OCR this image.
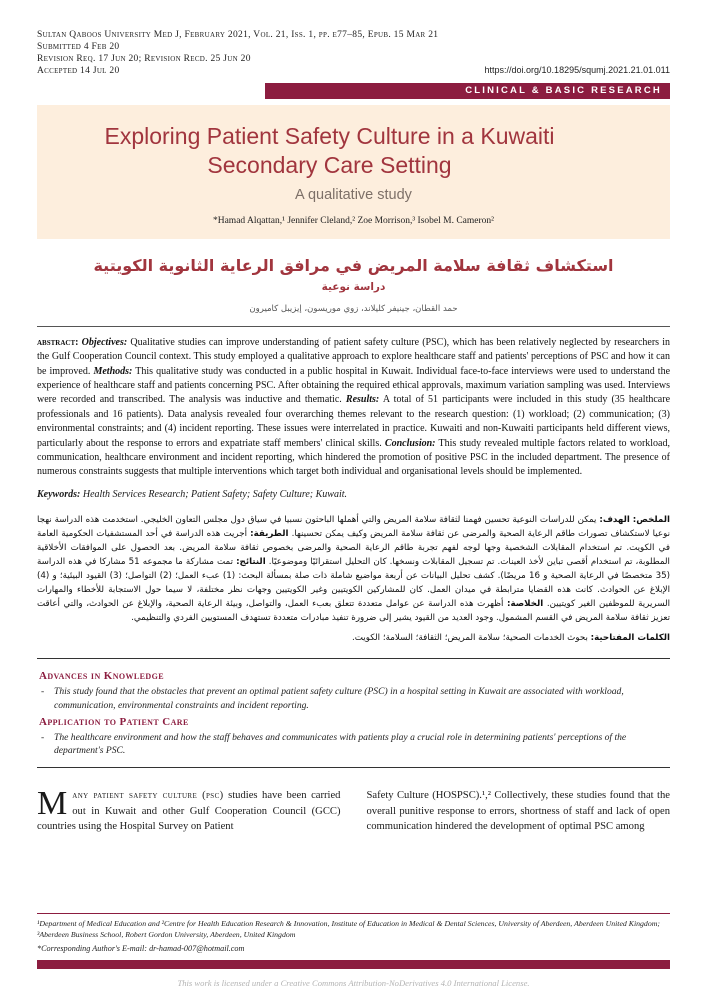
Sultan Qaboos University Med J, February 2021, Vol. 21, Iss. 1, pp. e77–85, Epub. 15 Mar 21
Submitted 4 Feb 20
Revision Req. 17 Jun 20; Revision Recd. 25 Jun 20
Accepted 14 Jul 20	https://doi.org/10.18295/squmj.2021.21.01.011
CLINICAL & BASIC RESEARCH
Exploring Patient Safety Culture in a Kuwaiti Secondary Care Setting
A qualitative study
*Hamad Alqattan,¹ Jennifer Cleland,² Zoe Morrison,³ Isobel M. Cameron²
استكشاف ثقافة سلامة المريض في مرافق الرعاية الثانوية الكويتية
دراسة نوعية
حمد القطان، جينيفر كليلاند، زوي موريسون، إيزيبل كاميرون

abstract: Objectives: Qualitative studies can improve understanding of patient safety culture (PSC), which has been relatively neglected by researchers in the Gulf Cooperation Council context. This study employed a qualitative approach to explore healthcare staff and patients' perceptions of PSC and how it can be improved. Methods: This qualitative study was conducted in a public hospital in Kuwait. Individual face-to-face interviews were used to understand the experience of healthcare staff and patients concerning PSC. After obtaining the required ethical approvals, maximum variation sampling was used. Interviews were recorded and transcribed. The analysis was inductive and thematic. Results: A total of 51 participants were included in this study (35 healthcare professionals and 16 patients). Data analysis revealed four overarching themes relevant to the research question: (1) workload; (2) communication; (3) environmental constraints; and (4) incident reporting. These issues were interrelated in practice. Kuwaiti and non-Kuwaiti participants held different views, particularly about the response to errors and expatriate staff members' clinical skills. Conclusion: This study revealed multiple factors related to workload, communication, healthcare environment and incident reporting, which hindered the promotion of positive PSC in the included department. The presence of numerous constraints suggests that multiple interventions which target both individual and organisational levels should be implemented.

Keywords: Health Services Research; Patient Safety; Safety Culture; Kuwait.

الملخص: الهدف: يمكن للدراسات النوعية تحسين فهمنا لثقافة سلامة المريض والتي أهملها الباحثون نسبيا في سياق دول مجلس التعاون الخليجي. استخدمت هذه الدراسة نهجا نوعيا لاستكشاف تصورات طاقم الرعاية الصحية والمرضى عن ثقافة سلامة المريض وكيف يمكن تحسينها. الطريقة: أجريت هذه الدراسة في أحد المستشفيات الحكومية العامة في الكويت. تم استخدام المقابلات الشخصية وجها لوجه لفهم تجربة طاقم الرعاية الصحية والمرضى بخصوص ثقافة سلامة المريض. بعد الحصول على الموافقات الأخلاقية المطلوبة، تم استخدام أقصى تباين لأخذ العينات. تم تسجيل المقابلات ونسخها. كان التحليل استقرائيًا وموضوعيًا. النتائج: تمت مشاركة ما مجموعه 51 مشاركا في هذه الدراسة (35 متخصصًا في الرعاية الصحية و 16 مريضًا). كشف تحليل البيانات عن أربعة مواضيع شاملة ذات صلة بمسألة البحث: (1) عبء العمل؛ (2) التواصل؛ (3) القيود البيئية؛ و (4) الإبلاغ عن الحوادث. كانت هذه القضايا مترابطة في ميدان العمل. كان للمشاركين الكويتيين وغير الكويتيين وجهات نظر مختلفة، لا سيما حول الاستجابة للأخطاء والمهارات السريرية للموظفين الغير كويتيين. الخلاصة: أظهرت هذه الدراسة عن عوامل متعددة تتعلق بعبء العمل، والتواصل، وبيئة الرعاية الصحية، والإبلاغ عن الحوادث، والتي أعاقت تعزيز ثقافة سلامة المريض في القسم المشمول. وجود العديد من القيود يشير إلى ضرورة تنفيذ مبادرات متعددة تستهدف المستويين الفردي والتنظيمي.

الكلمات المفتاحية: بحوث الخدمات الصحية؛ سلامة المريض؛ الثقافة؛ السلامة؛ الكويت.

Advances in Knowledge
-	This study found that the obstacles that prevent an optimal patient safety culture (PSC) in a hospital setting in Kuwait are associated with workload, communication, environmental constraints and incident reporting.
Application to Patient Care
-	The healthcare environment and how the staff behaves and communicates with patients play a crucial role in determining patients' perceptions of the department's PSC.
M any patient safety culture (psc) studies have been carried out in Kuwait and other Gulf Cooperation Council (GCC) countries using the Hospital Survey on Patient
Safety Culture (HOSPSC).¹,² Collectively, these studies found that the overall punitive response to errors, shortness of staff and lack of open communication hindered the development of optimal PSC among
¹Department of Medical Education and ²Centre for Health Education Research & Innovation, Institute of Education in Medical & Dental Sciences, University of Aberdeen, Aberdeen United Kingdom; ³Aberdeen Business School, Robert Gordon University, Aberdeen, United Kingdom
*Corresponding Author's E-mail: dr-hamad-007@hotmail.com
This work is licensed under a Creative Commons Attribution-NoDerivatives 4.0 International License.
